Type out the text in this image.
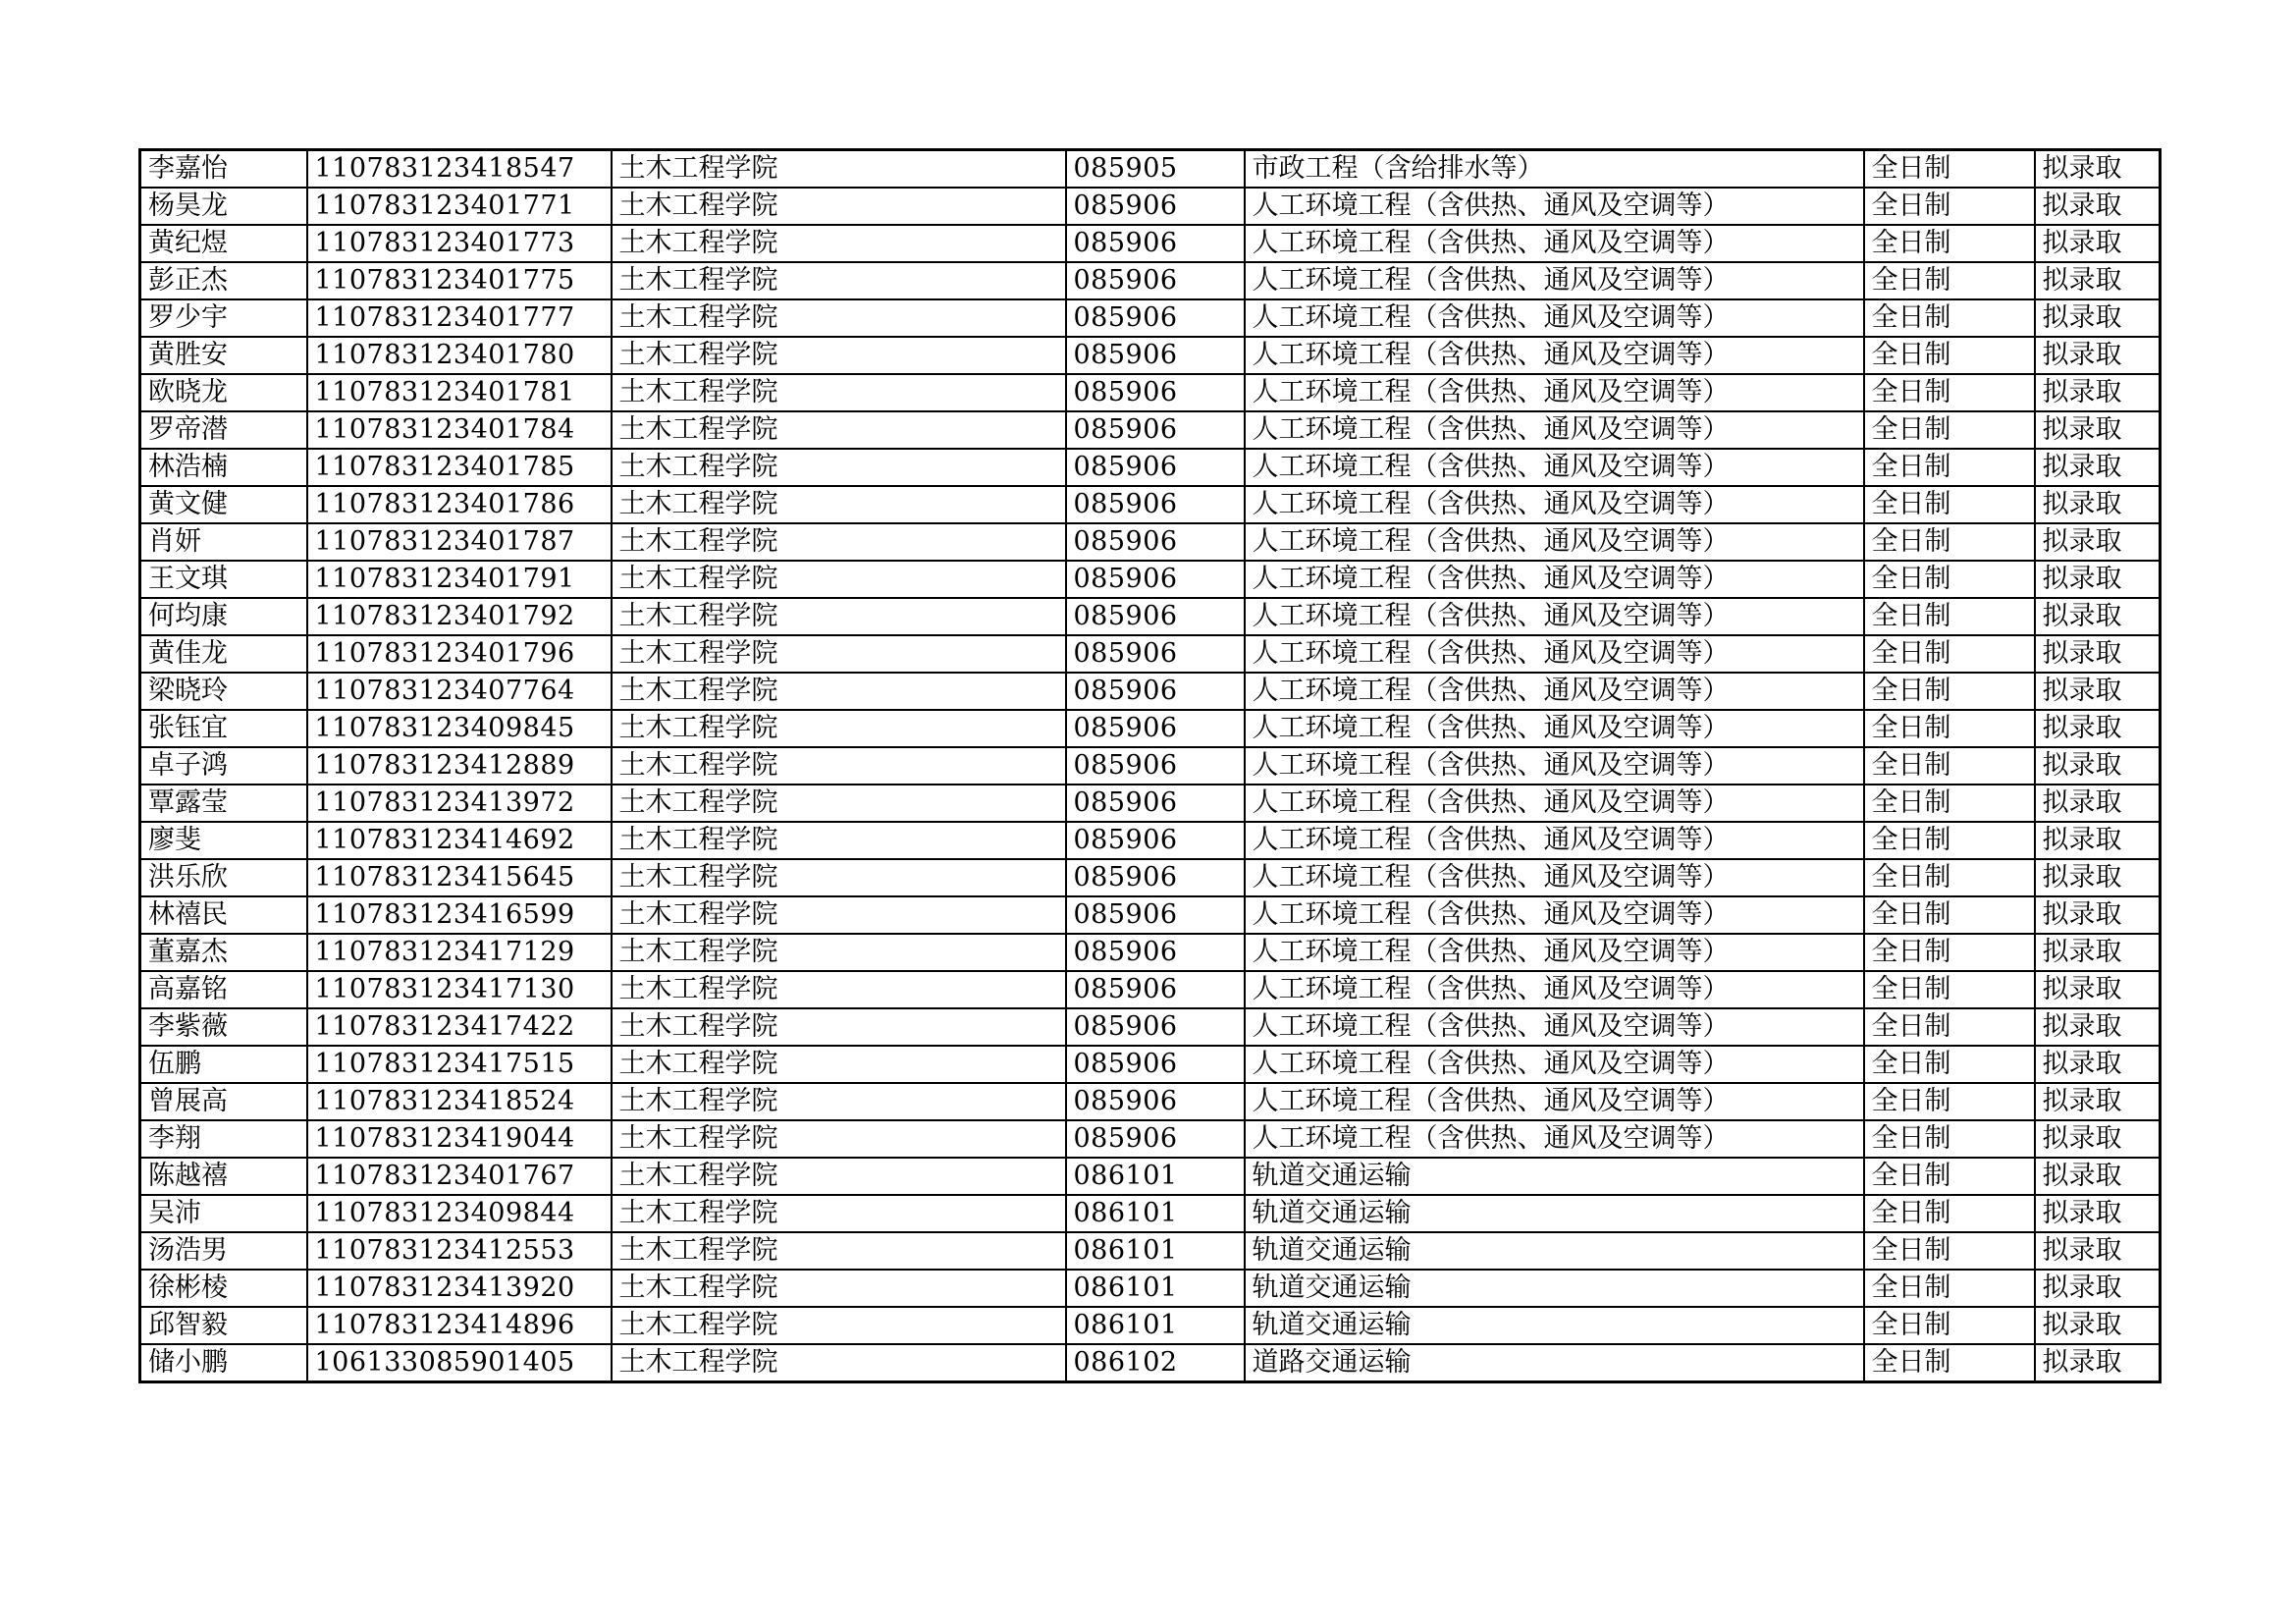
李嘉怡	110783123418547	土木工程学院	085905	市政工程（含给排水等）	全日制	拟录取
杨昊龙	110783123401771	土木工程学院	085906	人工环境工程（含供热、通风及空调等）	全日制	拟录取
黄纪煜	110783123401773	土木工程学院	085906	人工环境工程（含供热、通风及空调等）	全日制	拟录取
彭正杰	110783123401775	土木工程学院	085906	人工环境工程（含供热、通风及空调等）	全日制	拟录取
罗少宇	110783123401777	土木工程学院	085906	人工环境工程（含供热、通风及空调等）	全日制	拟录取
黄胜安	110783123401780	土木工程学院	085906	人工环境工程（含供热、通风及空调等）	全日制	拟录取
欧晓龙	110783123401781	土木工程学院	085906	人工环境工程（含供热、通风及空调等）	全日制	拟录取
罗帝潜	110783123401784	土木工程学院	085906	人工环境工程（含供热、通风及空调等）	全日制	拟录取
林浩楠	110783123401785	土木工程学院	085906	人工环境工程（含供热、通风及空调等）	全日制	拟录取
黄文健	110783123401786	土木工程学院	085906	人工环境工程（含供热、通风及空调等）	全日制	拟录取
肖妍	110783123401787	土木工程学院	085906	人工环境工程（含供热、通风及空调等）	全日制	拟录取
王文琪	110783123401791	土木工程学院	085906	人工环境工程（含供热、通风及空调等）	全日制	拟录取
何均康	110783123401792	土木工程学院	085906	人工环境工程（含供热、通风及空调等）	全日制	拟录取
黄佳龙	110783123401796	土木工程学院	085906	人工环境工程（含供热、通风及空调等）	全日制	拟录取
梁晓玲	110783123407764	土木工程学院	085906	人工环境工程（含供热、通风及空调等）	全日制	拟录取
张钰宜	110783123409845	土木工程学院	085906	人工环境工程（含供热、通风及空调等）	全日制	拟录取
卓子鸿	110783123412889	土木工程学院	085906	人工环境工程（含供热、通风及空调等）	全日制	拟录取
覃露莹	110783123413972	土木工程学院	085906	人工环境工程（含供热、通风及空调等）	全日制	拟录取
廖斐	110783123414692	土木工程学院	085906	人工环境工程（含供热、通风及空调等）	全日制	拟录取
洪乐欣	110783123415645	土木工程学院	085906	人工环境工程（含供热、通风及空调等）	全日制	拟录取
林禧民	110783123416599	土木工程学院	085906	人工环境工程（含供热、通风及空调等）	全日制	拟录取
董嘉杰	110783123417129	土木工程学院	085906	人工环境工程（含供热、通风及空调等）	全日制	拟录取
高嘉铭	110783123417130	土木工程学院	085906	人工环境工程（含供热、通风及空调等）	全日制	拟录取
李紫薇	110783123417422	土木工程学院	085906	人工环境工程（含供热、通风及空调等）	全日制	拟录取
伍鹏	110783123417515	土木工程学院	085906	人工环境工程（含供热、通风及空调等）	全日制	拟录取
曾展高	110783123418524	土木工程学院	085906	人工环境工程（含供热、通风及空调等）	全日制	拟录取
李翔	110783123419044	土木工程学院	085906	人工环境工程（含供热、通风及空调等）	全日制	拟录取
陈越禧	110783123401767	土木工程学院	086101	轨道交通运输	全日制	拟录取
吴沛	110783123409844	土木工程学院	086101	轨道交通运输	全日制	拟录取
汤浩男	110783123412553	土木工程学院	086101	轨道交通运输	全日制	拟录取
徐彬棱	110783123413920	土木工程学院	086101	轨道交通运输	全日制	拟录取
邱智毅	110783123414896	土木工程学院	086101	轨道交通运输	全日制	拟录取
储小鹏	106133085901405	土木工程学院	086102	道路交通运输	全日制	拟录取
